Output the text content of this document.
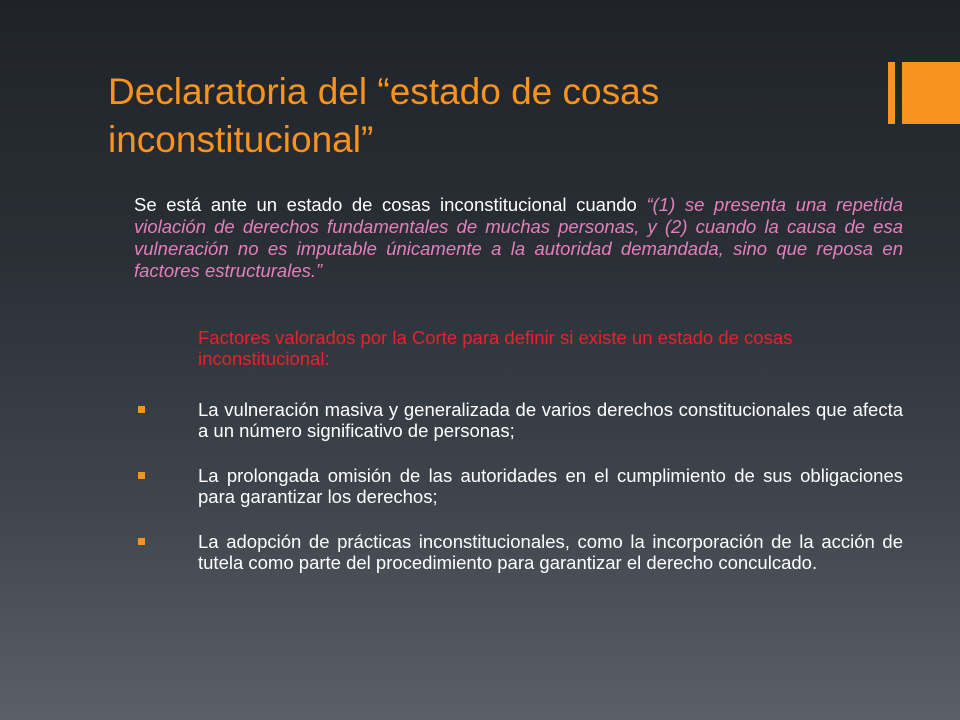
Declaratoria del “estado de cosas inconstitucional”

Se está ante un estado de cosas inconstitucional cuando “(1) se presenta una repetida violación de derechos fundamentales de muchas personas, y (2) cuando la causa de esa vulneración no es imputable únicamente a la autoridad demandada, sino que reposa en factores estructurales.”

Factores valorados por la Corte para definir si existe un estado de cosas inconstitucional:

La vulneración masiva y generalizada de varios derechos constitucionales que afecta a un número significativo de personas;
La prolongada omisión de las autoridades en el cumplimiento de sus obligaciones para garantizar los derechos;
La adopción de prácticas inconstitucionales, como la incorporación de la acción de tutela como parte del procedimiento para garantizar el derecho conculcado.
